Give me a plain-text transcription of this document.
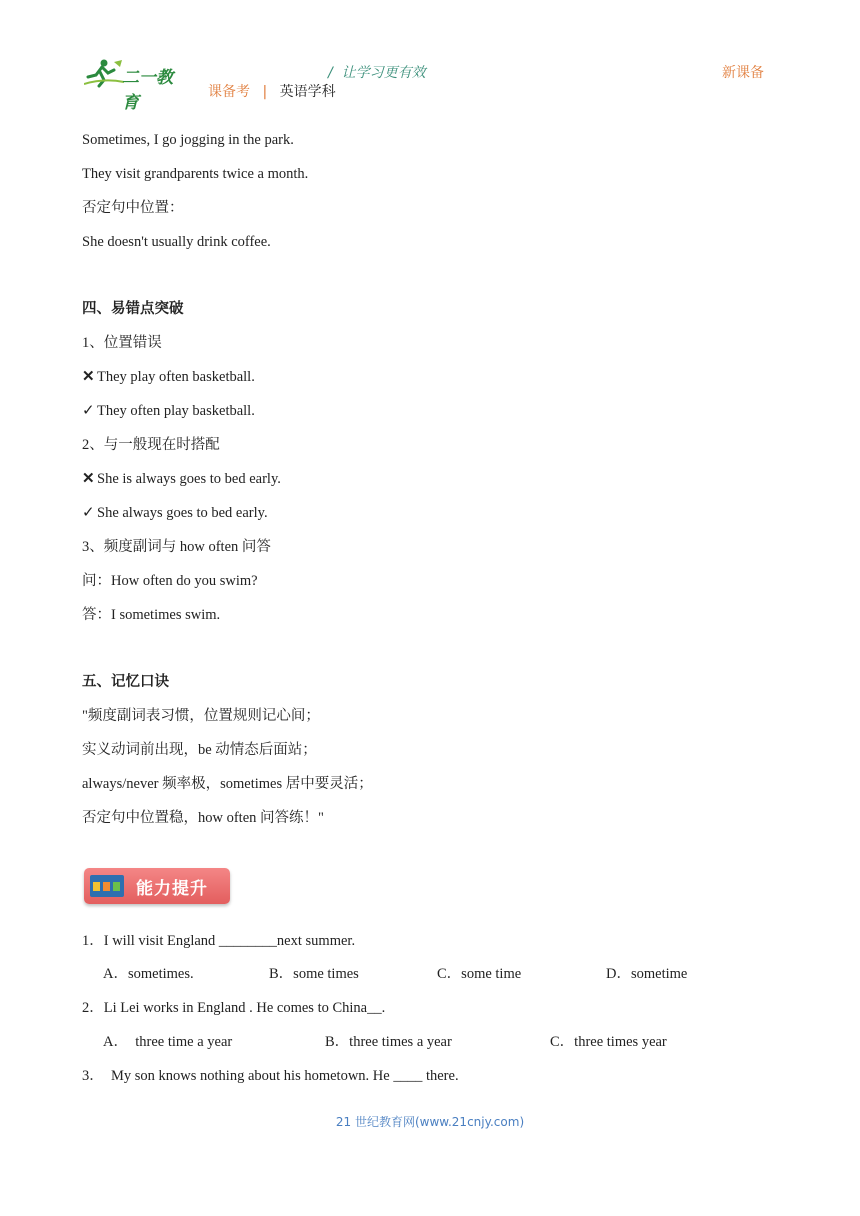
二一教育
/  让学习更有效	新课备
课备考 | 英语学科
Sometimes, I go jogging in the park.
They visit grandparents twice a month.
否定句中位置：
She doesn't usually drink coffee.
四、易错点突破
1、位置错误
✕ They play often basketball.
✓ They often play basketball.
2、与一般现在时搭配
✕ She is always goes to bed early.
✓ She always goes to bed early.
3、频度副词与 how often 问答
问：How often do you swim?
答：I sometimes swim.
五、记忆口诀
"频度副词表习惯，位置规则记心间；
实义动词前出现，be 动情态后面站；
always/never 频率极，sometimes 居中要灵活；
否定句中位置稳，how often 问答练！"
能力提升
1．I will visit England ________next summer.
A．sometimes.	B．some times	C．some time	D．sometime
2．Li Lei works in England . He comes to China__.
A．  three time a year	B．three times a year	C．three times year
3．  My son knows nothing about his hometown. He ____ there.
21 世纪教育网(www.21cnjy.com)
